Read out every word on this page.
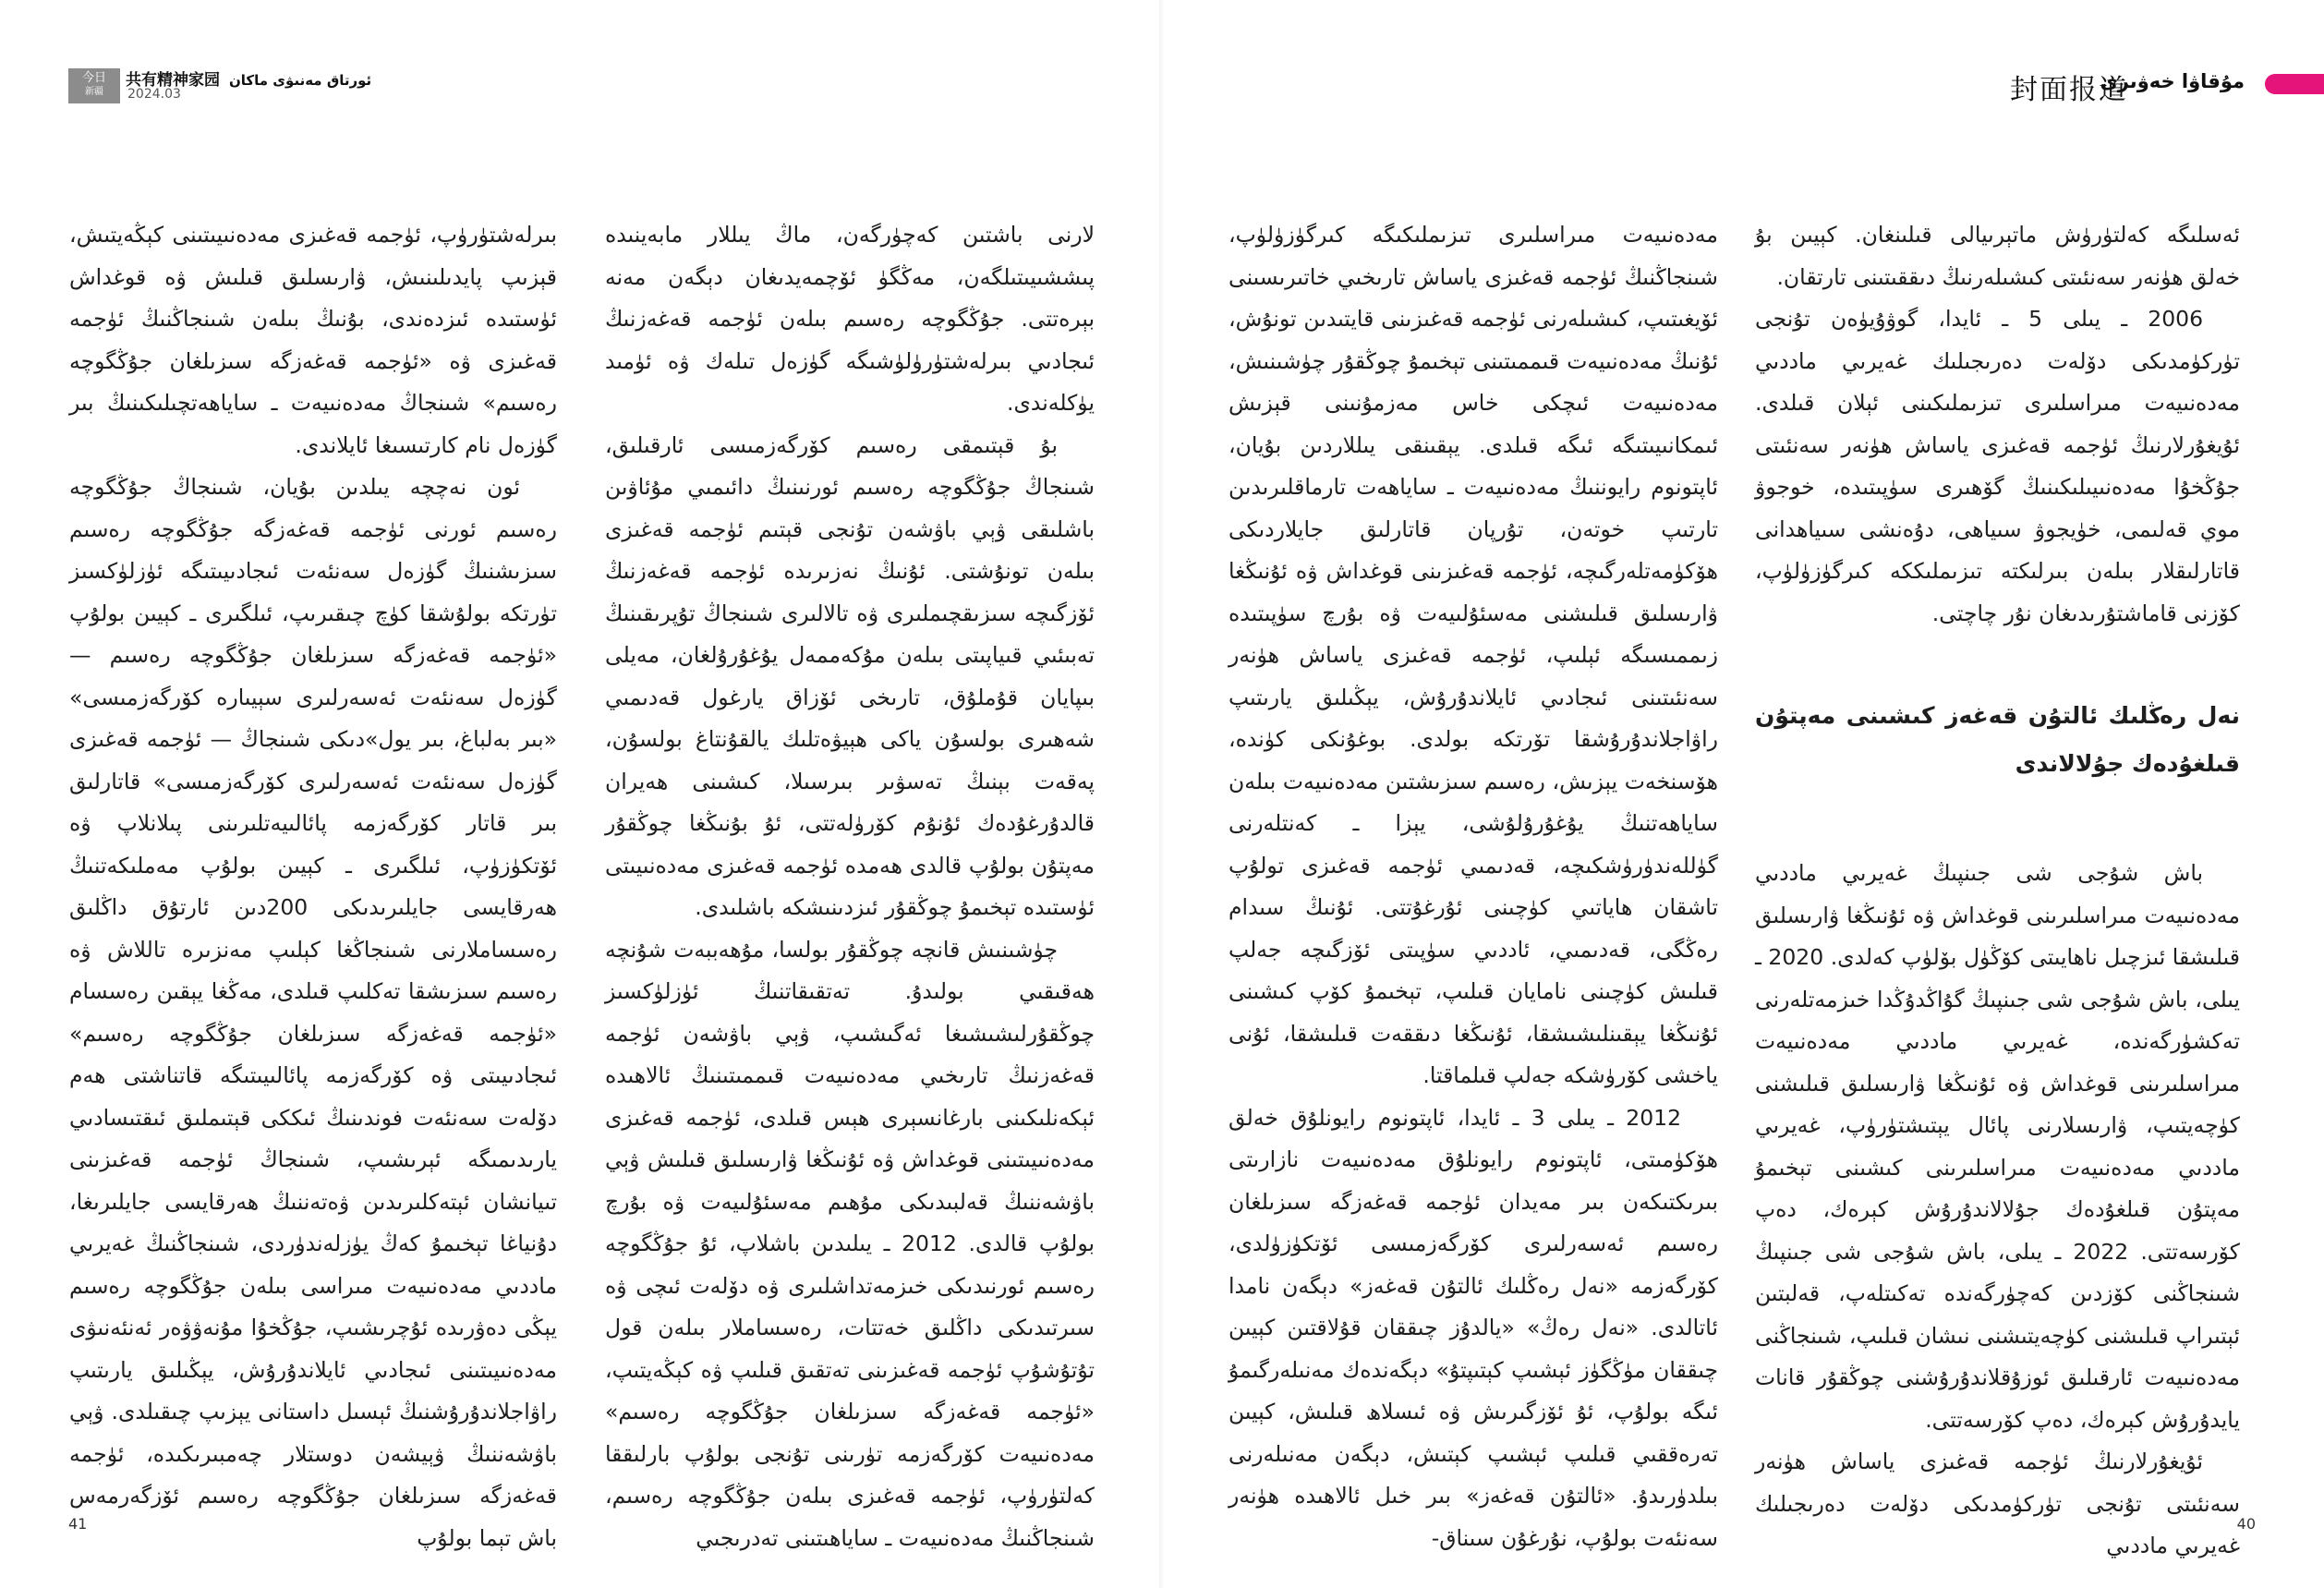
今日
新疆
共有精神家园 ئورتاق مەنىۋى ماكان
2024.03	封面报道
مۇقاۋا خەۋىرى

ئەسلىگە كەلتۈرۈش ماتېرىيالى قىلىنغان. كېيىن بۇ خەلق ھۈنەر سەنئىتى كىشىلەرنىڭ دىققىتىنى تارتقان.

2006 ـ يىلى 5 ـ ئايدا، گوۋۇيۈەن تۇنجى تۈركۈمدىكى دۆلەت دەرىجىلىك غەيرىي ماددىي مەدەنىيەت مىراسلىرى تىزىملىكىنى ئېلان قىلدى. ئۇيغۇرلارنىڭ ئۈجمە قەغىزى ياساش ھۈنەر سەنئىتى جۇڭخۇا مەدەنىيىلىكىنىڭ گۆھىرى سۈپىتىدە، خوجوۋ موي قەلىمى، خۈيجوۋ سىياھى، دۇەنشى سىياھدانى قاتارلىقلار بىلەن بىرلىكتە تىزىملىككە كىرگۈزۈلۈپ، كۆزنى قاماشتۇرىدىغان نۇر چاچتى.

نەل رەڭلىك ئالتۇن قەغەز كىشىنى مەپتۇن قىلغۇدەك جۇلالاندى

باش شۇجى شى جىنپىڭ غەيرىي ماددىي مەدەنىيەت مىراسلىرىنى قوغداش ۋە ئۇنىڭغا ۋارىسلىق قىلىشقا ئىزچىل ناھايىتى كۆڭۈل بۆلۈپ كەلدى. 2020 ـ يىلى، باش شۇجى شى جىنپىڭ گۇاڭدۇڭدا خىزمەتلەرنى تەكشۈرگەندە، غەيرىي ماددىي مەدەنىيەت مىراسلىرىنى قوغداش ۋە ئۇنىڭغا ۋارىسلىق قىلىشنى كۈچەيتىپ، ۋارىسلارنى پائال يېتىشتۈرۈپ، غەيرىي ماددىي مەدەنىيەت مىراسلىرىنى كىشىنى تېخىمۇ مەپتۇن قىلغۇدەك جۇلالاندۇرۇش كېرەك، دەپ كۆرسەتتى. 2022 ـ يىلى، باش شۇجى شى جىنپىڭ شىنجاڭنى كۆزدىن كەچۈرگەندە تەكىتلەپ، قەلبتىن ئېتىراپ قىلىشنى كۈچەيتىشنى نىشان قىلىپ، شىنجاڭنى مەدەنىيەت ئارقىلىق ئوزۇقلاندۇرۇشنى چوڭقۇر قانات يايدۇرۇش كېرەك، دەپ كۆرسەتتى.

ئۇيغۇرلارنىڭ ئۈجمە قەغىزى ياساش ھۈنەر سەنئىتى تۇنجى تۈركۈمدىكى دۆلەت دەرىجىلىك غەيرىي ماددىي

مەدەنىيەت مىراسلىرى تىزىملىكىگە كىرگۈزۈلۈپ، شىنجاڭنىڭ ئۈجمە قەغىزى ياساش تارىخىي خاتىرىسىنى ئۆيغىتىپ، كىشىلەرنى ئۈجمە قەغىزىنى قايتىدىن تونۇش، ئۇنىڭ مەدەنىيەت قىممىتىنى تېخىمۇ چوڭقۇر چۈشىنىش، مەدەنىيەت ئىچكى خاس مەزمۇنىنى قېزىش ئىمكانىيىتىگە ئىگە قىلدى. يېقىنقى يىللاردىن بۇيان، ئاپتونوم رايوننىڭ مەدەنىيەت ـ ساياھەت تارماقلىرىدىن تارتىپ خوتەن، تۇرپان قاتارلىق جايلاردىكى ھۆكۈمەتلەرگىچە، ئۈجمە قەغىزىنى قوغداش ۋە ئۇنىڭغا ۋارىسلىق قىلىشنى مەسئۇلىيەت ۋە بۇرچ سۈپىتىدە زىممىسىگە ئېلىپ، ئۈجمە قەغىزى ياساش ھۈنەر سەنئىتىنى ئىجادىي ئايلاندۇرۇش، يېڭىلىق يارىتىپ راۋاجلاندۇرۇشقا تۆرتكە بولدى. بوغۇنكى كۈندە، ھۆسنخەت يېزىش، رەسىم سىزىشتىن مەدەنىيەت بىلەن ساياھەتنىڭ يۇغۇرۇلۇشى، يېزا ـ كەنتلەرنى گۈللەندۈرۈشكىچە، قەدىمىي ئۈجمە قەغىزى تولۇپ تاشقان ھاياتىي كۈچىنى ئۇرغۇتتى. ئۇنىڭ سىدام رەڭگى، قەدىمىي، ئاددىي سۈپىتى ئۆزگىچە جەلپ قىلىش كۈچىنى نامايان قىلىپ، تېخىمۇ كۆپ كىشىنى ئۇنىڭغا يېقىنلىشىشقا، ئۇنىڭغا دىققەت قىلىشقا، ئۇنى ياخشى كۆرۈشكە جەلپ قىلماقتا.

2012 ـ يىلى 3 ـ ئايدا، ئاپتونوم رايونلۇق خەلق ھۆكۈمىتى، ئاپتونوم رايونلۇق مەدەنىيەت نازارىتى بىرىكتىكەن بىر مەيدان ئۈجمە قەغەزگە سىزىلغان رەسىم ئەسەرلىرى كۆرگەزمىسى ئۆتكۈزۈلدى، كۆرگەزمە «نەل رەڭلىك ئالتۇن قەغەز» دېگەن نامدا ئاتالدى. «نەل رەڭ» «يالدۇز چىققان قۇلاقتىن كېيىن چىققان مۈڭگۈز ئېشىپ كېتىپتۇ» دېگەندەك مەنىلەرگىمۇ ئىگە بولۇپ، ئۇ ئۆزگىرىش ۋە ئىسلاھ قىلىش، كېيىن تەرەققىي قىلىپ ئېشىپ كېتىش، دېگەن مەنىلەرنى بىلدۈرىدۇ. «ئالتۇن قەغەز» بىر خىل ئالاھىدە ھۈنەر سەنئەت بولۇپ، نۇرغۇن سىناق-

لارنى باشتىن كەچۈرگەن، ماڭ يىللار مابەينىدە پىششىيىتىلگەن، مەڭگۈ ئۆچمەيدىغان دېگەن مەنە بېرەتتى. جۇڭگوچە رەسىم بىلەن ئۈجمە قەغەزنىڭ ئىجادىي بىرلەشتۈرۈلۈشىگە گۈزەل تىلەك ۋە ئۈمىد يۈكلەندى.

بۇ قېتىمقى رەسىم كۆرگەزمىسى ئارقىلىق، شىنجاڭ جۇڭگوچە رەسىم ئورنىنىڭ دائىمىي مۇئاۋىن باشلىقى ۋېي باۋشەن تۇنجى قېتىم ئۈجمە قەغىزى بىلەن تونۇشتى. ئۇنىڭ نەزىرىدە ئۈجمە قەغەزنىڭ ئۆزگىچە سىزىقچىملىرى ۋە تالالىرى شىنجاڭ تۇپرىقىنىڭ تەبىئىي قىياپىتى بىلەن مۇكەممەل يۇغۇرۇلغان، مەيلى بىپايان قۇملۇق، تارىخى ئۆزاق يارغول قەدىمىي شەھىرى بولسۇن ياكى ھېيۋەتلىك يالقۇنتاغ بولسۇن، پەقەت بېنىڭ تەسۋىر بىرسىلا، كىشىنى ھەيران قالدۇرغۇدەك ئۇنۇم كۆرۈلەتتى، ئۇ بۇنىڭغا چوڭقۇر مەپتۇن بولۇپ قالدى ھەمدە ئۈجمە قەغىزى مەدەنىيىتى ئۈستىدە تېخىمۇ چوڭقۇر ئىزدىنىشكە باشلىدى.

چۈشىنىش قانچە چوڭقۇر بولسا، مۇھەببەت شۇنچە ھەقىقىي بولىدۇ. تەتقىقاتنىڭ ئۈزلۈكسىز چوڭقۇرلىشىشىغا ئەگىشىپ، ۋېي باۋشەن ئۈجمە قەغەزنىڭ تارىخىي مەدەنىيەت قىممىتىنىڭ ئالاھىدە ئېكەنلىكىنى بارغانسېرى ھېس قىلدى، ئۈجمە قەغىزى مەدەنىيىتىنى قوغداش ۋە ئۇنىڭغا ۋارىسلىق قىلىش ۋېي باۋشەننىڭ قەلبىدىكى مۇھىم مەسئۇلىيەت ۋە بۇرچ بولۇپ قالدى. 2012 ـ يىلىدىن باشلاپ، ئۇ جۇڭگوچە رەسىم ئورنىدىكى خىزمەتداشلىرى ۋە دۆلەت ئىچى ۋە سىرتىدىكى داڭلىق خەتتات، رەسساملار بىلەن قول تۇتۇشۇپ ئۈجمە قەغىزىنى تەتقىق قىلىپ ۋە كېڭەيتىپ، «ئۈجمە قەغەزگە سىزىلغان جۇڭگوچە رەسىم» مەدەنىيەت كۆرگەزمە تۈرىنى تۇنجى بولۇپ بارلىققا كەلتۈرۈپ، ئۈجمە قەغىزى بىلەن جۇڭگوچە رەسىم، شىنجاڭنىڭ مەدەنىيەت ـ ساياھىتىنى تەدرىجىي

بىرلەشتۈرۈپ، ئۈجمە قەغىزى مەدەنىيىتىنى كېڭەيتىش، قېزىپ پايدىلىنىش، ۋارىسلىق قىلىش ۋە قوغداش ئۈستىدە ئىزدەندى، بۇنىڭ بىلەن شىنجاڭنىڭ ئۈجمە قەغىزى ۋە «ئۈجمە قەغەزگە سىزىلغان جۇڭگوچە رەسىم» شىنجاڭ مەدەنىيەت ـ ساياھەتچىلىكىنىڭ بىر گۈزەل نام كارتىسىغا ئايلاندى.

ئون نەچچە يىلدىن بۇيان، شىنجاڭ جۇڭگوچە رەسىم ئورنى ئۈجمە قەغەزگە جۇڭگوچە رەسىم سىزىشنىڭ گۈزەل سەنئەت ئىجادىيىتىگە ئۈزلۈكسىز تۈرتكە بولۇشقا كۈچ چىقىرىپ، ئىلگىرى ـ كېيىن بولۇپ «ئۈجمە قەغەزگە سىزىلغان جۇڭگوچە رەسىم — گۈزەل سەنئەت ئەسەرلىرى سېيىارە كۆرگەزمىسى» «بىر بەلباغ، بىر يول»دىكى شىنجاڭ — ئۈجمە قەغىزى گۈزەل سەنئەت ئەسەرلىرى كۆرگەزمىسى» قاتارلىق بىر قاتار كۆرگەزمە پائالىيەتلىرىنى پىلانلاپ ۋە ئۆتكۈزۈپ، ئىلگىرى ـ كېيىن بولۇپ مەملىكەتنىڭ ھەرقايسى جايلىرىدىكى 200دىن ئارتۇق داڭلىق رەسساملارنى شىنجاڭغا كېلىپ مەنزىرە تاللاش ۋە رەسىم سىزىشقا تەكلىپ قىلدى، مەڭغا يېقىن رەسسام «ئۈجمە قەغەزگە سىزىلغان جۇڭگوچە رەسىم» ئىجادىيىتى ۋە كۆرگەزمە پائالىيىتىگە قاتناشتى ھەم دۆلەت سەنئەت فوندىنىڭ ئىككى قېتىملىق ئىقتىسادىي يارىدىمىگە ئېرىشىپ، شىنجاڭ ئۈجمە قەغىزىنى تىيانشان ئېتەكلىرىدىن ۋەتەننىڭ ھەرقايسى جايلىرىغا، دۇنياغا تېخىمۇ كەڭ يۈزلەندۈردى، شىنجاڭنىڭ غەيرىي ماددىي مەدەنىيەت مىراسى بىلەن جۇڭگوچە رەسىم يېڭى دەۋرىدە ئۇچرىشىپ، جۇڭخۇا مۇنەۋۋەر ئەنئەنىۋى مەدەنىيىتىنى ئىجادىي ئايلاندۇرۇش، يېڭىلىق يارىتىپ راۋاجلاندۇرۇشنىڭ ئېسىل داستانى يېزىپ چىقىلدى. ۋېي باۋشەننىڭ ۋېيشەن دوستلار چەمبىرىكىدە، ئۈجمە قەغەزگە سىزىلغان جۇڭگوچە رەسىم ئۆزگەرمەس باش تېما بولۇپ

41	40
